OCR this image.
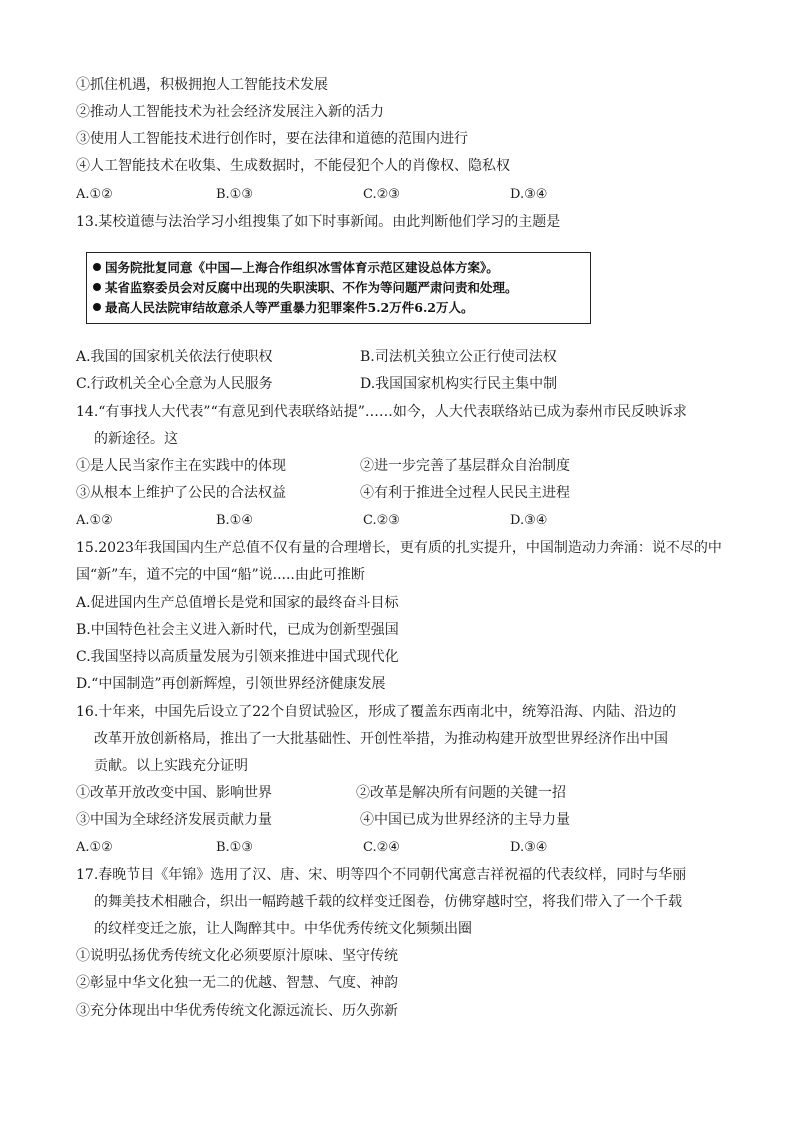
①抓住机遇，积极拥抱人工智能技术发展
②推动人工智能技术为社会经济发展注入新的活力
③使用人工智能技术进行创作时，要在法律和道德的范围内进行
④人工智能技术在收集、生成数据时，不能侵犯个人的肖像权、隐私权
A.①②	B.①③	C.②③	D.③④
13.某校道德与法治学习小组搜集了如下时事新闻。由此判断他们学习的主题是
国务院批复同意《中国—上海合作组织冰雪体育示范区建设总体方案》。
某省监察委员会对反腐中出现的失职渎职、不作为等问题严肃问责和处理。
最高人民法院审结故意杀人等严重暴力犯罪案件5.2万件6.2万人。
A.我国的国家机关依法行使职权	B.司法机关独立公正行使司法权
C.行政机关全心全意为人民服务	D.我国国家机构实行民主集中制
14.“有事找人大代表”“有意见到代表联络站提”……如今，人大代表联络站已成为泰州市民反映诉求
的新途径。这
①是人民当家作主在实践中的体现	②进一步完善了基层群众自治制度
③从根本上维护了公民的合法权益	④有利于推进全过程人民民主进程
A.①②	B.①④	C.②③	D.③④
15.2023年我国国内生产总值不仅有量的合理增长，更有质的扎实提升，中国制造动力奔涌：说不尽的中
国“新”车，道不完的中国“船”说.....由此可推断
A.促进国内生产总值增长是党和国家的最终奋斗目标
B.中国特色社会主义进入新时代，已成为创新型强国
C.我国坚持以高质量发展为引领来推进中国式现代化
D.“中国制造”再创新辉煌，引领世界经济健康发展
16.十年来，中国先后设立了22个自贸试验区，形成了覆盖东西南北中，统筹沿海、内陆、沿边的
改革开放创新格局，推出了一大批基础性、开创性举措，为推动构建开放型世界经济作出中国
贡献。以上实践充分证明
①改革开放改变中国、影响世界	②改革是解决所有问题的关键一招
③中国为全球经济发展贡献力量	④中国已成为世界经济的主导力量
A.①②	B.①③	C.②④	D.③④
17.春晚节目《年锦》选用了汉、唐、宋、明等四个不同朝代寓意吉祥祝福的代表纹样，同时与华丽
的舞美技术相融合，织出一幅跨越千载的纹样变迁图卷，仿佛穿越时空，将我们带入了一个千载
的纹样变迁之旅，让人陶醉其中。中华优秀传统文化频频出圈
①说明弘扬优秀传统文化必须要原汁原味、坚守传统
②彰显中华文化独一无二的优越、智慧、气度、神韵
③充分体现出中华优秀传统文化源远流长、历久弥新
